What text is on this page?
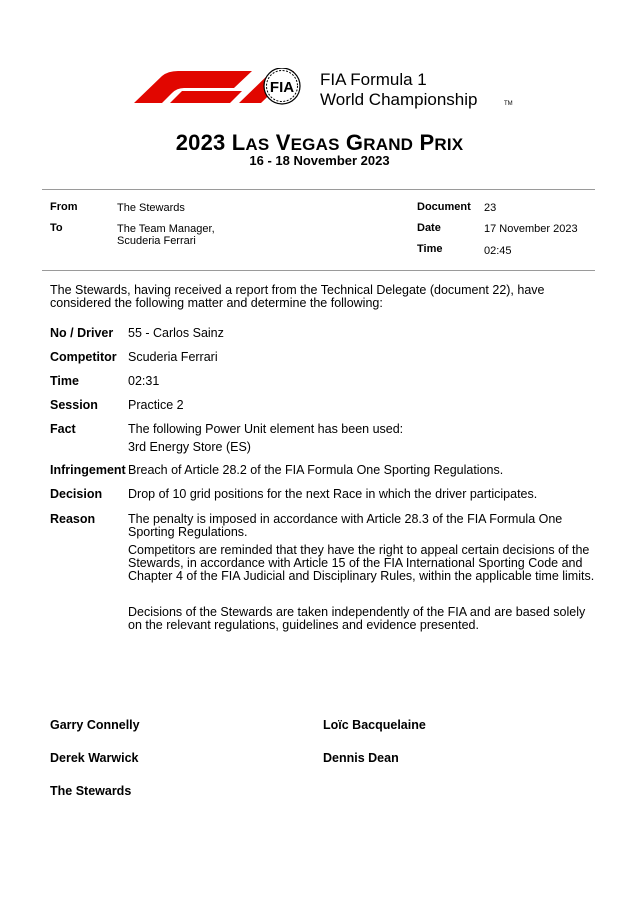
FIA FIA Formula 1
World Championship	TM
2023 LAS VEGAS GRAND PRIX
16 - 18 November 2023
From	The Stewards
To	The Team Manager,
Scuderia Ferrari
Document 23
Date	17 November 2023
Time	02:45
The Stewards, having received a report from the Technical Delegate (document 22), have
considered the following matter and determine the following:
No / Driver 55 - Carlos Sainz
Competitor Scuderia Ferrari
Time	02:31
Session Practice 2
Fact	The following Power Unit element has been used:
3rd Energy Store (ES)
Infringement Breach of Article 28.2 of the FIA Formula One Sporting Regulations.
Decision Drop of 10 grid positions for the next Race in which the driver participates.
Reason	The penalty is imposed in accordance with Article 28.3 of the FIA Formula One
Sporting Regulations.
Competitors are reminded that they have the right to appeal certain decisions of the
Stewards, in accordance with Article 15 of the FIA International Sporting Code and
Chapter 4 of the FIA Judicial and Disciplinary Rules, within the applicable time limits.
Decisions of the Stewards are taken independently of the FIA and are based solely
on the relevant regulations, guidelines and evidence presented.
Garry Connelly	Loïc Bacquelaine
Derek Warwick	Dennis Dean
The Stewards
